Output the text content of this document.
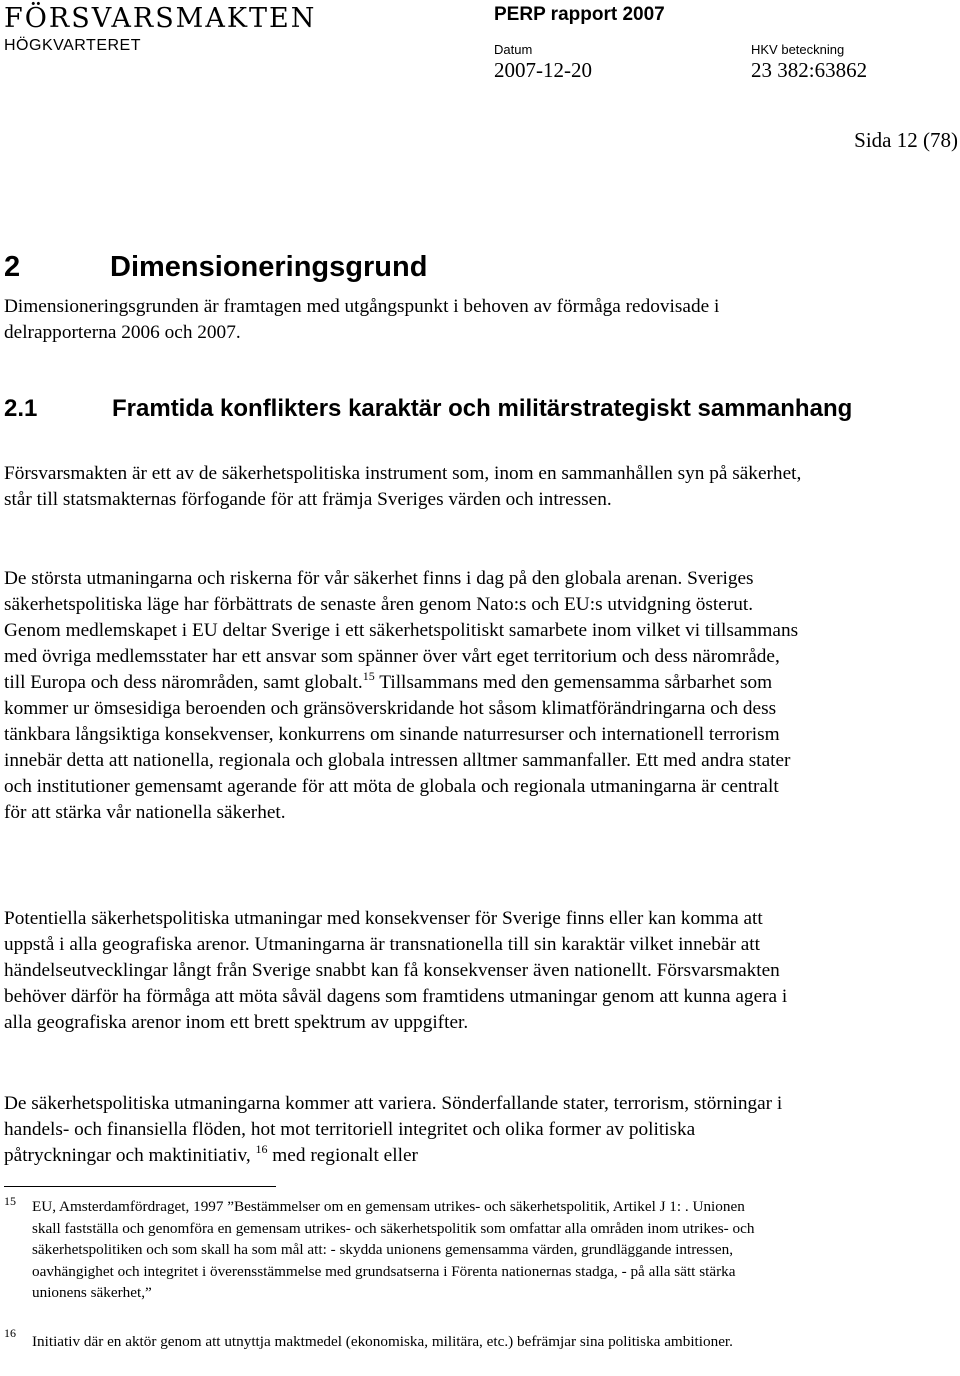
FÖRSVARSMAKTEN
HÖGKVARTERET
PERP rapport 2007
Datum
2007-12-20
HKV beteckning
23 382:63862
Sida 12 (78)
2	Dimensioneringsgrund
Dimensioneringsgrunden är framtagen med utgångspunkt i behoven av förmåga redovisade i delrapporterna 2006 och 2007.
2.1	Framtida konflikters karaktär och militärstrategiskt sammanhang
Försvarsmakten är ett av de säkerhetspolitiska instrument som, inom en sammanhållen syn på säkerhet, står till statsmakternas förfogande för att främja Sveriges värden och intressen.
De största utmaningarna och riskerna för vår säkerhet finns i dag på den globala arenan. Sveriges säkerhetspolitiska läge har förbättrats de senaste åren genom Nato:s och EU:s utvidgning österut. Genom medlemskapet i EU deltar Sverige i ett säkerhetspolitiskt samarbete inom vilket vi tillsammans med övriga medlemsstater har ett ansvar som spänner över vårt eget territorium och dess närområde, till Europa och dess närområden, samt globalt.$^{15}$ Tillsammans med den gemensamma sårbarhet som kommer ur ömsesidiga beroenden och gränsöverskridande hot såsom klimatförändringarna och dess tänkbara långsiktiga konsekvenser, konkurrens om sinande naturresurser och internationell terrorism innebär detta att nationella, regionala och globala intressen alltmer sammanfaller. Ett med andra stater och institutioner gemensamt agerande för att möta de globala och regionala utmaningarna är centralt för att stärka vår nationella säkerhet.
Potentiella säkerhetspolitiska utmaningar med konsekvenser för Sverige finns eller kan komma att uppstå i alla geografiska arenor. Utmaningarna är transnationella till sin karaktär vilket innebär att händelseutvecklingar långt från Sverige snabbt kan få konsekvenser även nationellt. Försvarsmakten behöver därför ha förmåga att möta såväl dagens som framtidens utmaningar genom att kunna agera i alla geografiska arenor inom ett brett spektrum av uppgifter.
De säkerhetspolitiska utmaningarna kommer att variera. Sönderfallande stater, terrorism, störningar i handels- och finansiella flöden, hot mot territoriell integritet och olika former av politiska påtryckningar och maktinitiativ, $^{16}$ med regionalt eller
15 EU, Amsterdamfördraget, 1997 ”Bestämmelser om en gemensam utrikes- och säkerhetspolitik, Artikel J 1: . Unionen skall fastställa och genomföra en gemensam utrikes- och säkerhetspolitik som omfattar alla områden inom utrikes- och säkerhetspolitiken och som skall ha som mål att: - skydda unionens gemensamma värden, grundläggande intressen, oavhängighet och integritet i överensstämmelse med grundsatserna i Förenta nationernas stadga, - på alla sätt stärka unionens säkerhet,”
16 Initiativ där en aktör genom att utnyttja maktmedel (ekonomiska, militära, etc.) befrämjar sina politiska ambitioner.
